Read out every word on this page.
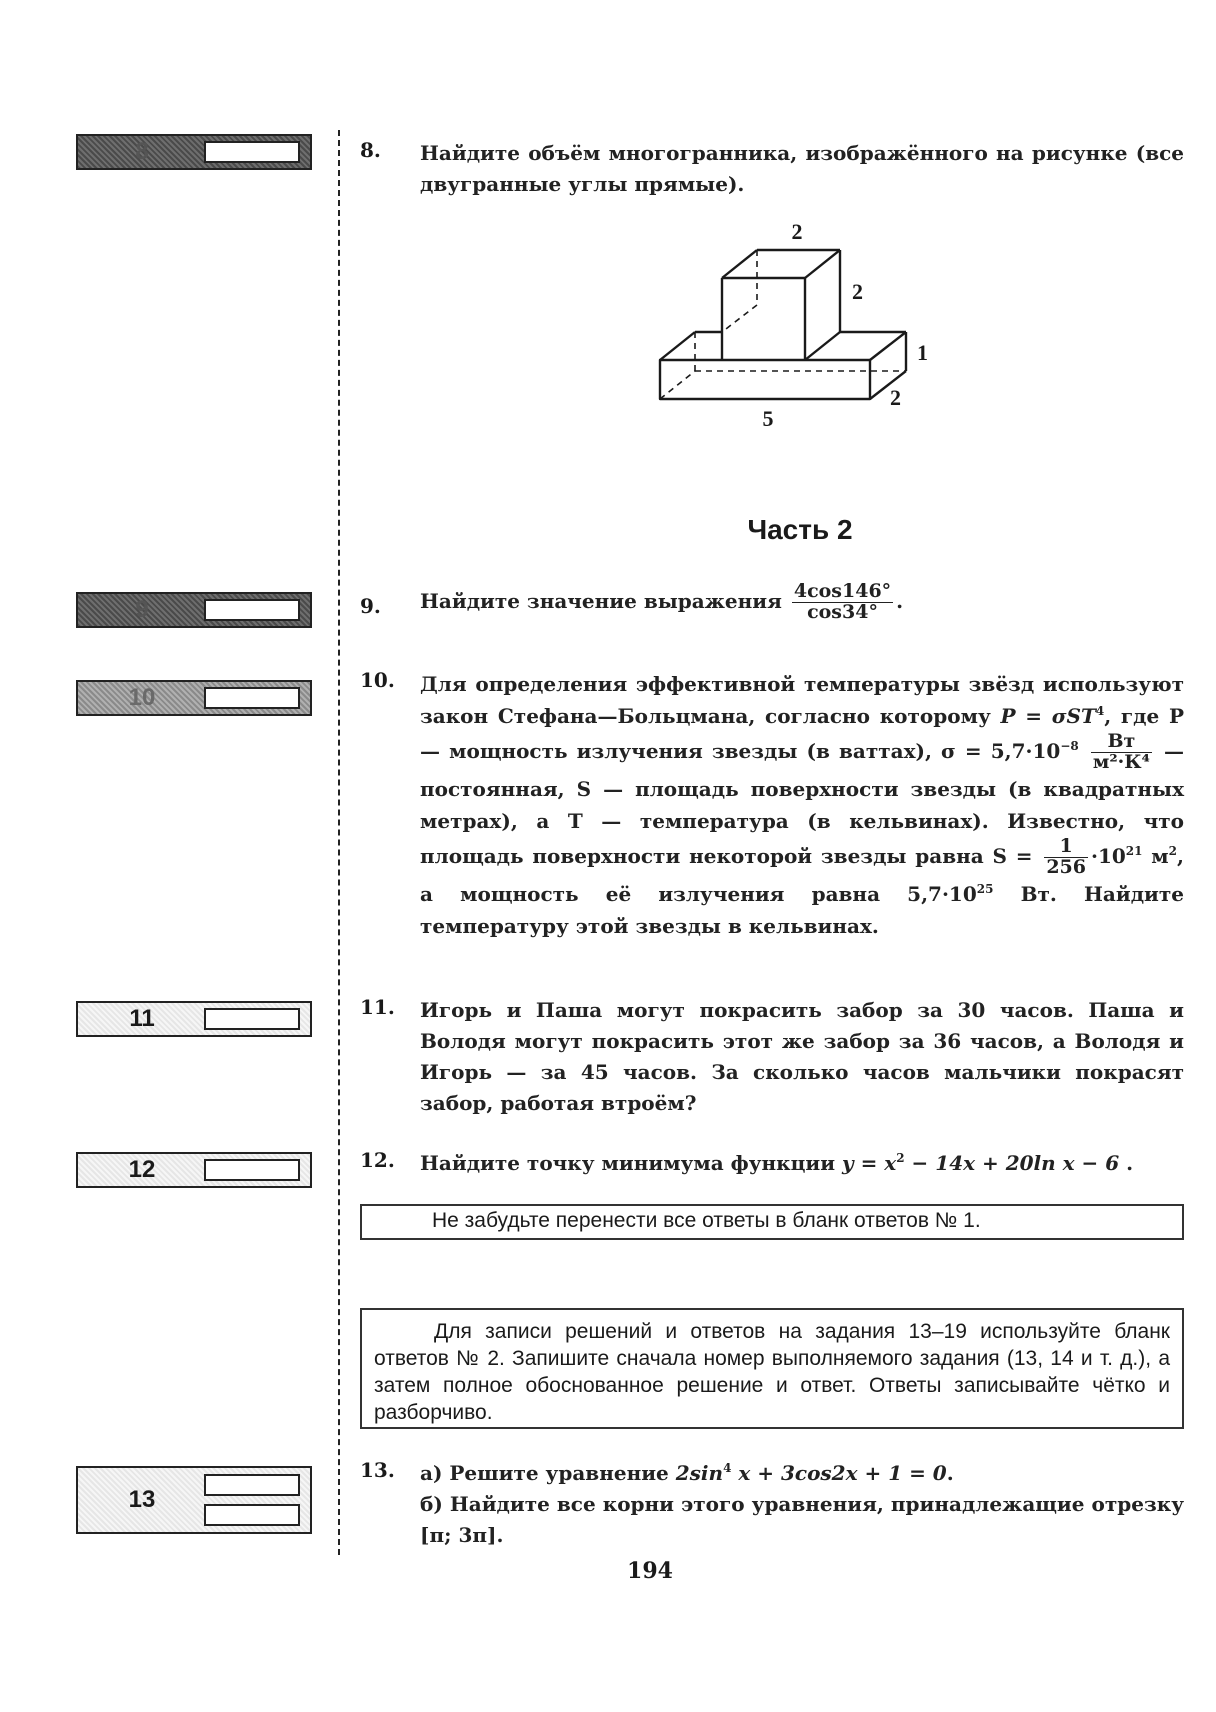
8
9
10
11
12
13
8. Найдите объём многогранника, изображённого на рисунке (все двугранные углы прямые).
2
2
1
2
5
Часть 2
9. Найдите значение выражения $\frac{4\cos 146^\circ}{\cos 34^\circ}$ .
10. Для определения эффективной температуры звёзд используют закон Стефана—Больцмана, согласно которому P = σST$^4$, где P — мощность излучения звезды (в ваттах), $\sigma = 5,7\cdot 10^{-8} \frac{Вт}{\text{м²·К⁴}}$ — постоянная, S — площадь поверхности звезды (в квадратных метрах), а T — температура (в кельвинах). Известно, что площадь поверхности некоторой звезды равна $S = \frac{1}{256} \cdot 10^{21}$ $м^2$, а мощность её излучения равна $5,7\cdot 10^{25}$ Вт. Найдите температуру этой звезды в кельвинах.
11. Игорь и Паша могут покрасить забор за 30 часов. Паша и Володя могут покрасить этот же забор за 36 часов, а Володя и Игорь — за 45 часов. За сколько часов мальчики покрасят забор, работая втроём?
12. Найдите точку минимума функции $y = x^2 - 14x + 20\ln$ x − 6 .
Не забудьте перенести все ответы в бланк ответов № 1.
Для записи решений и ответов на задания 13–19 используйте бланк ответов № 2. Запишите сначала номер выполняемого задания (13, 14 и т. д.), а затем полное обоснованное решение и ответ. Ответы записывайте чётко и разборчиво.
13. а) Решите уравнение $2\sin^4$ x + 3cos2x + 1 = 0.
б) Найдите все корни этого уравнения, принадлежащие отрезку [π; 3π].
194
